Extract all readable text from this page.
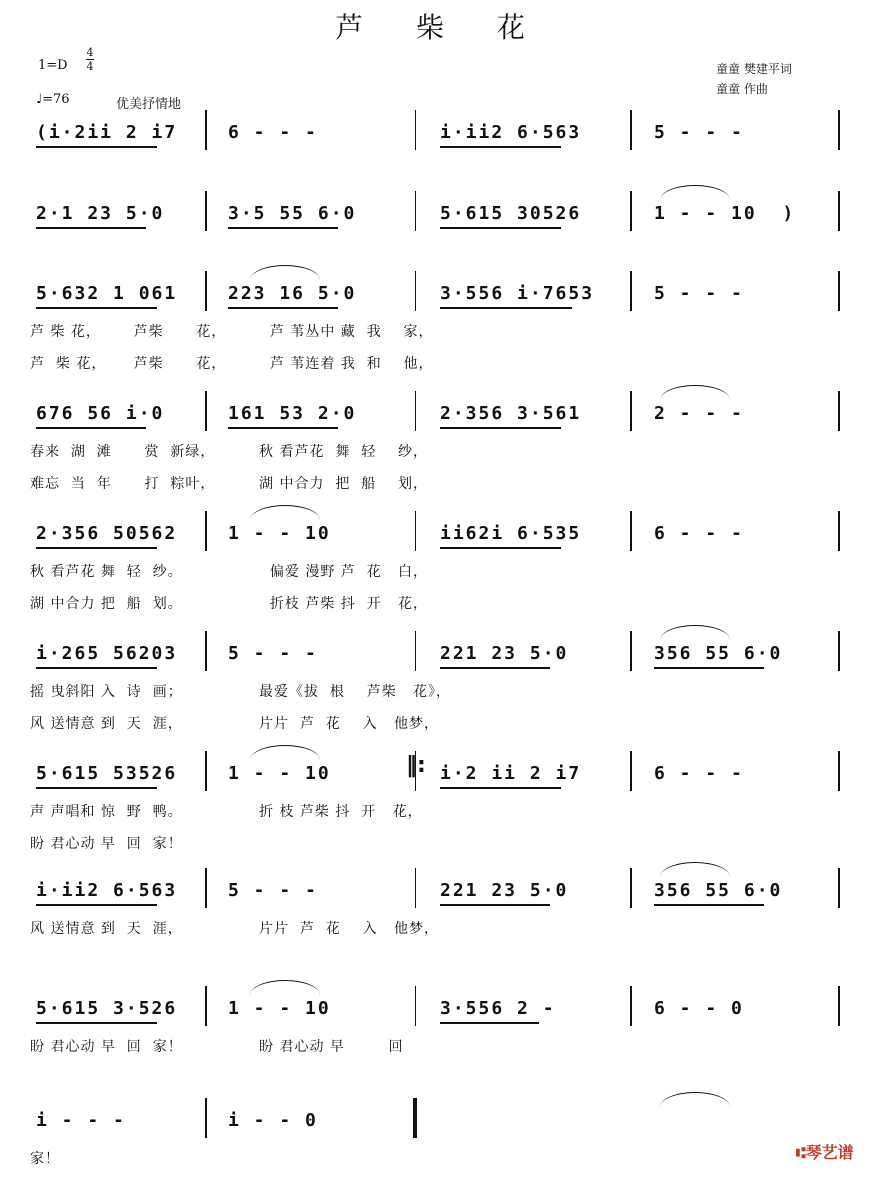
芦 柴 花
1=D
4
4
♩=76	优美抒情地
童童 樊建平词
童童 作曲
(i·2ii 2 i7	6 - - -	i·ii2 6·563	5 - - -
2·1 23 5·0	3·5 55 6·0	5·615 30526	1 - - 10  )
5·632 1 061	223 16 5·0	3·556 i·7653	5 - - -
芦 柴 花，      芦柴      花，        芦 苇丛中 藏  我    家，
芦  柴 花，     芦柴      花，        芦 苇连着 我  和    他，
676 56 i·0	161 53 2·0	2·356 3·561	2 - - -
春来  湖  滩      赏  新绿，        秋 看芦花  舞  轻    纱，
难忘  当  年      打  粽叶，        湖 中合力  把  船    划，
2·356 50562	1 - - 10	ii62i 6·535	6 - - -
秋 看芦花 舞  轻  纱。                偏爱 漫野 芦  花   白，
湖 中合力 把  船  划。                折枝 芦柴 抖  开   花，
i·265 56203	5 - - -	221 23 5·0	356 55 6·0
摇 曳斜阳 入  诗  画；              最爱《拔  根    芦柴   花》，
风 送情意 到  天  涯，              片片  芦  花    入   他梦，
5·615 53526	1 - - 10	i·2 ii 2 i7	6 - - -
声 声唱和 惊  野  鸭。              折 枝 芦柴 抖  开   花，
盼 君心动 早  回  家！
‖:
i·ii2 6·563	5 - - -	221 23 5·0	356 55 6·0
风 送情意 到  天  涯，              片片  芦  花    入   他梦，
5·615 3·526	1 - - 10	3·556 2 -	6 - - 0
盼 君心动 早  回  家！              盼 君心动 早        回
i - - -	i - - 0
家！	⑆琴艺谱
